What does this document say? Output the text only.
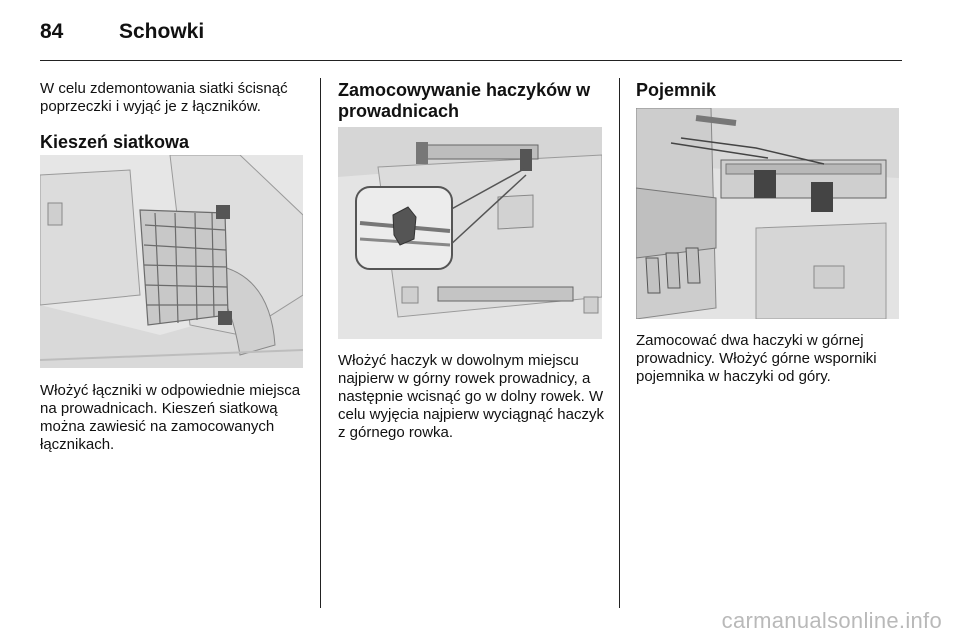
84	Schowki

W celu zdemontowania siatki ścisnąć poprzeczki i wyjąć je z łączników.

Kieszeń siatkowa

Włożyć łączniki w odpowiednie miejsca na prowadnicach. Kieszeń siatkową można zawiesić na zamocowanych łącznikach.

Zamocowywanie haczyków w prowadnicach

Włożyć haczyk w dowolnym miejscu najpierw w górny rowek prowadnicy, a następnie wcisnąć go w dolny rowek. W celu wyjęcia najpierw wyciągnąć haczyk z górnego rowka.

Pojemnik

Zamocować dwa haczyki w górnej prowadnicy. Włożyć górne wsporniki pojemnika w haczyki od góry.

carmanualsonline.info
